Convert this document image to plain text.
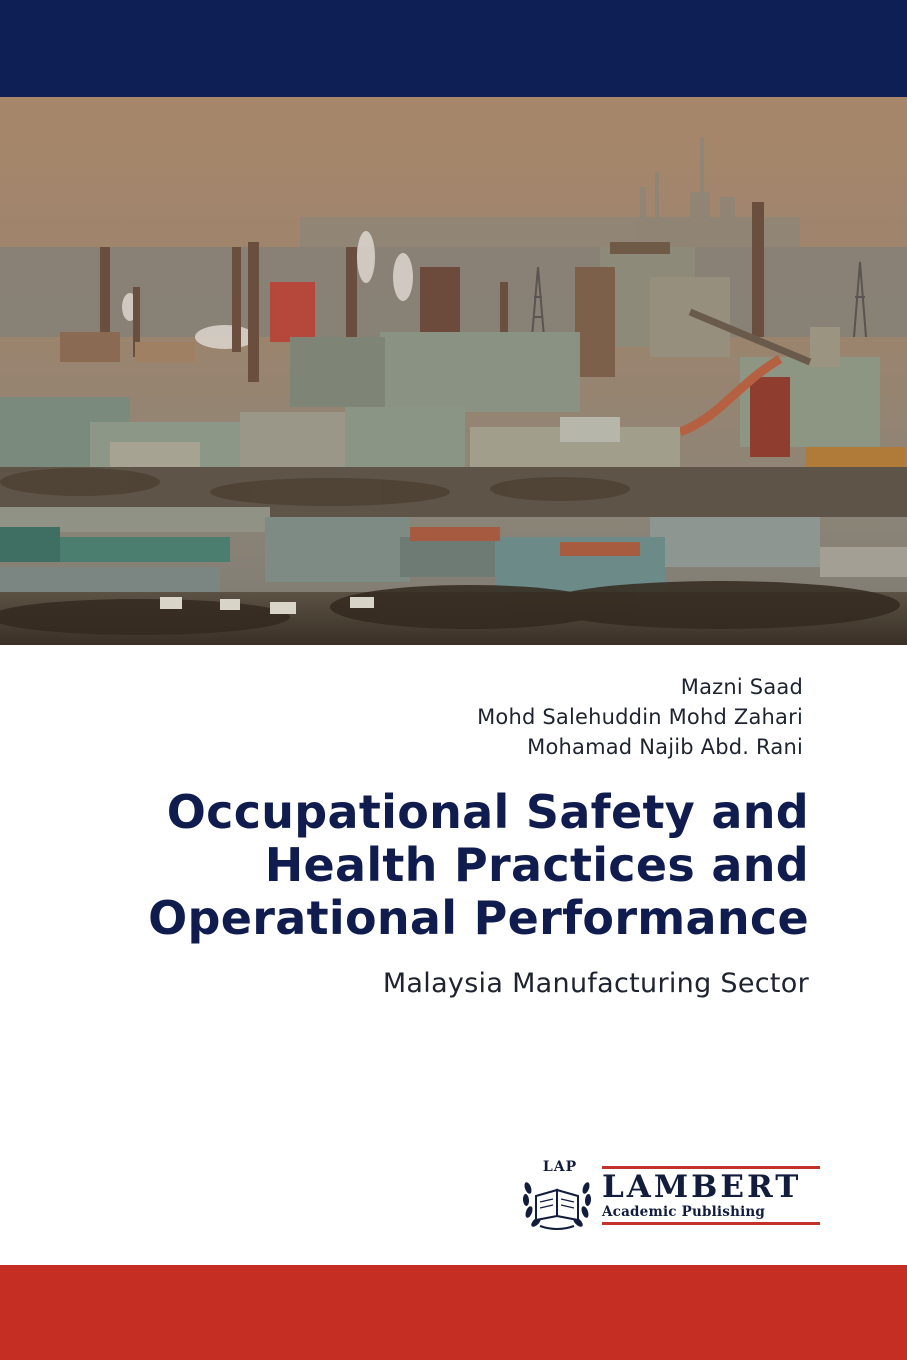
Mazni Saad
Mohd Salehuddin Mohd Zahari
Mohamad Najib Abd. Rani
Occupational Safety and
Health Practices and
Operational Performance
Malaysia Manufacturing Sector
LAP
LAMBERT
Academic Publishing
